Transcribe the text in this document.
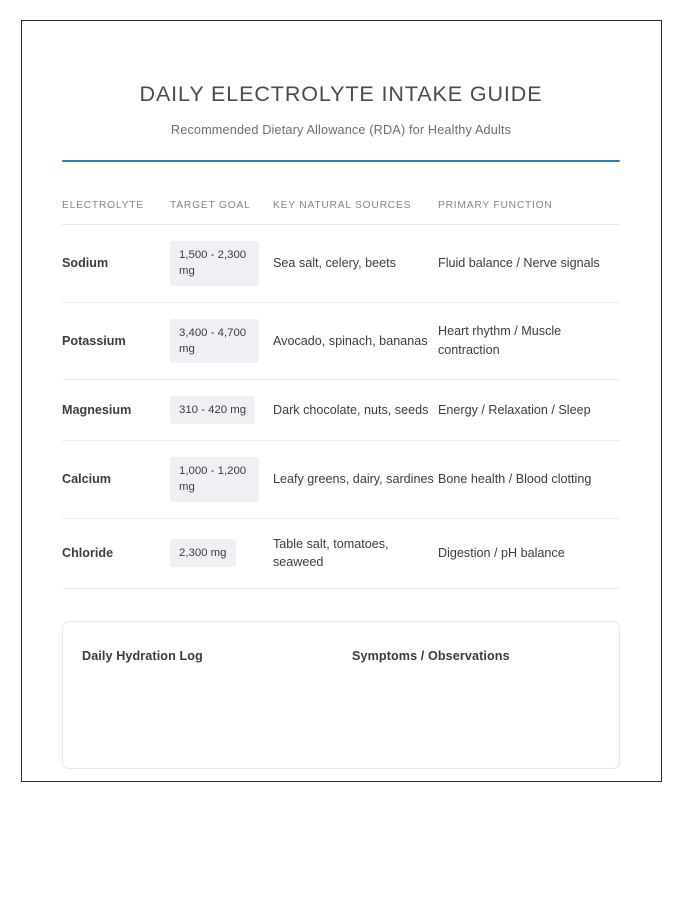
DAILY ELECTROLYTE INTAKE GUIDE
Recommended Dietary Allowance (RDA) for Healthy Adults
ELECTROLYTE	TARGET GOAL	KEY NATURAL SOURCES	PRIMARY FUNCTION
Sodium	1,500 - 2,300 mg	Sea salt, celery, beets	Fluid balance / Nerve signals
Potassium	3,400 - 4,700 mg	Avocado, spinach, bananas	Heart rhythm / Muscle contraction
Magnesium	310 - 420 mg	Dark chocolate, nuts, seeds	Energy / Relaxation / Sleep
Calcium	1,000 - 1,200 mg	Leafy greens, dairy, sardines	Bone health / Blood clotting
Chloride	2,300 mg	Table salt, tomatoes, seaweed	Digestion / pH balance
Daily Hydration Log	Symptoms / Observations
